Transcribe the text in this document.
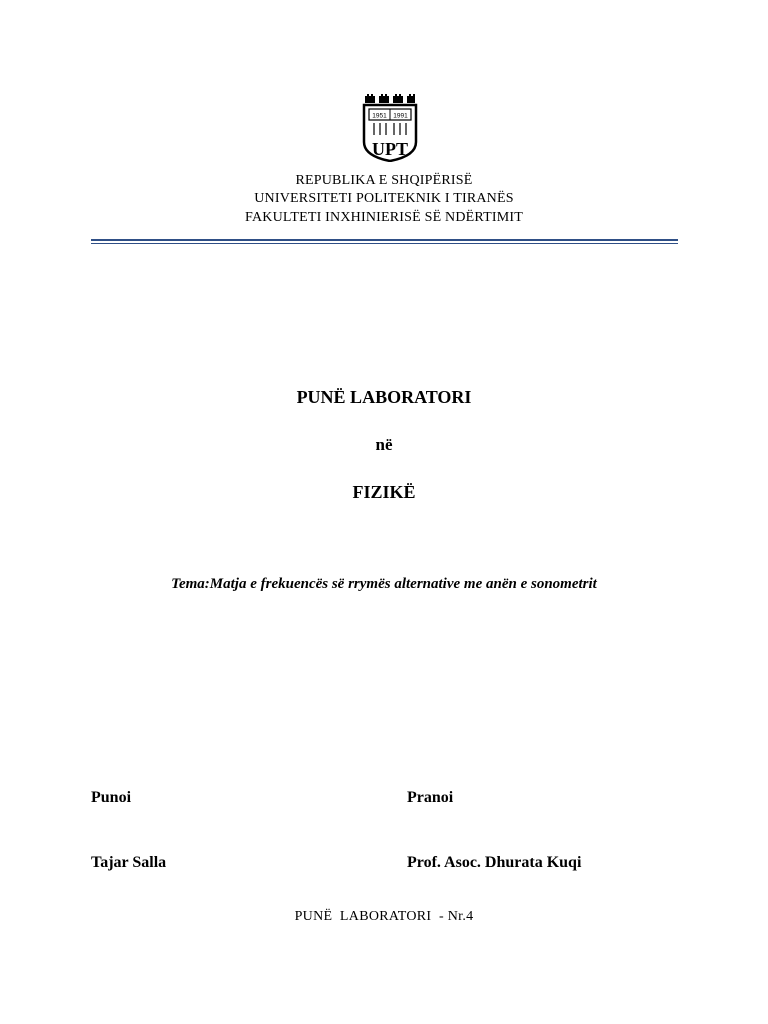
1951 1991
UPT
REPUBLIKA E SHQIPËRISË
UNIVERSITETI POLITEKNIK I TIRANËS
FAKULTETI INXHINIERISË SË NDËRTIMIT
PUNË LABORATORI
në
FIZIKË
Tema:Matja e frekuencës së rrymës alternative me anën e sonometrit
Punoi	Pranoi
Tajar Salla	Prof. Asoc. Dhurata Kuqi
PUNË  LABORATORI  - Nr.4
